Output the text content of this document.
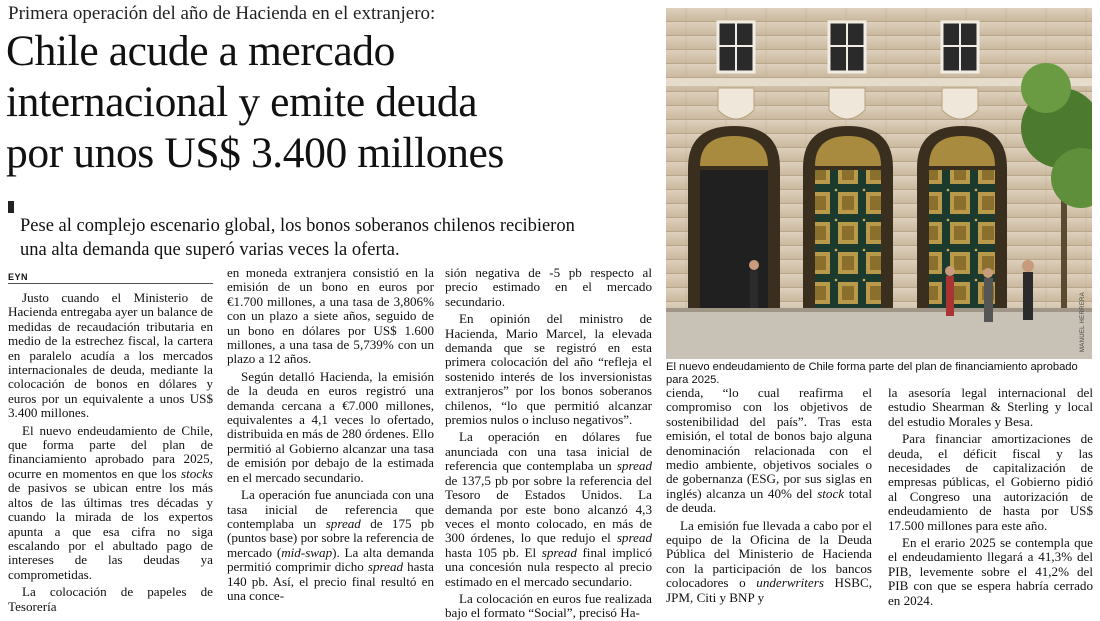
Primera operación del año de Hacienda en el extranjero:
Chile acude a mercado
internacional y emite deuda
por unos US$ 3.400 millones
Pese al complejo escenario global, los bonos soberanos chilenos recibieron
una alta demanda que superó varias veces la oferta.
EYN

Justo cuando el Ministerio de Hacienda entregaba ayer un balance de medidas de recaudación tributaria en medio de la estrechez fiscal, la cartera en paralelo acudía a los mercados internacionales de deuda, mediante la colocación de bonos en dólares y euros por un equivalente a unos US$ 3.400 millones.

El nuevo endeudamiento de Chile, que forma parte del plan de financiamiento aprobado para 2025, ocurre en momentos en que los stocks de pasivos se ubican entre los más altos de las últimas tres décadas y cuando la mirada de los expertos apunta a que esa cifra no siga escalando por el abultado pago de intereses de las deudas ya comprometidas.

La colocación de papeles de Tesorería

en moneda extranjera consistió en la emisión de un bono en euros por €1.700 millones, a una tasa de 3,806% con un plazo a siete años, seguido de un bono en dólares por US$ 1.600 millones, a una tasa de 5,739% con un plazo a 12 años.

Según detalló Hacienda, la emisión de la deuda en euros registró una demanda cercana a €7.000 millones, equivalentes a 4,1 veces lo ofertado, distribuida en más de 280 órdenes. Ello permitió al Gobierno alcanzar una tasa de emisión por debajo de la estimada en el mercado secundario.

La operación fue anunciada con una tasa inicial de referencia que contemplaba un spread de 175 pb (puntos base) por sobre la referencia de mercado (mid-swap). La alta demanda permitió comprimir dicho spread hasta 140 pb. Así, el precio final resultó en una conce-

sión negativa de -5 pb respecto al precio estimado en el mercado secundario.

En opinión del ministro de Hacienda, Mario Marcel, la elevada demanda que se registró en esta primera colocación del año “refleja el sostenido interés de los inversionistas extranjeros” por los bonos soberanos chilenos, “lo que permitió alcanzar premios nulos o incluso negativos”.

La operación en dólares fue anunciada con una tasa inicial de referencia que contemplaba un spread de 137,5 pb por sobre la referencia del Tesoro de Estados Unidos. La demanda por este bono alcanzó 4,3 veces el monto colocado, en más de 300 órdenes, lo que redujo el spread hasta 105 pb. El spread final implicó una concesión nula respecto al precio estimado en el mercado secundario.

La colocación en euros fue realizada bajo el formato “Social”, precisó Ha-

MANUEL HERRERA
El nuevo endeudamiento de Chile forma parte del plan de financiamiento aprobado para 2025.

cienda, “lo cual reafirma el compromiso con los objetivos de sostenibilidad del país”. Tras esta emisión, el total de bonos bajo alguna denominación relacionada con el medio ambiente, objetivos sociales o de gobernanza (ESG, por sus siglas en inglés) alcanza un 40% del stock total de deuda.

La emisión fue llevada a cabo por el equipo de la Oficina de la Deuda Pública del Ministerio de Hacienda con la participación de los bancos colocadores o underwriters HSBC, JPM, Citi y BNP y

la asesoría legal internacional del estudio Shearman & Sterling y local del estudio Morales y Besa.

Para financiar amortizaciones de deuda, el déficit fiscal y las necesidades de capitalización de empresas públicas, el Gobierno pidió al Congreso una autorización de endeudamiento de hasta por US$ 17.500 millones para este año.

En el erario 2025 se contempla que el endeudamiento llegará a 41,3% del PIB, levemente sobre el 41,2% del PIB con que se espera habría cerrado en 2024.
